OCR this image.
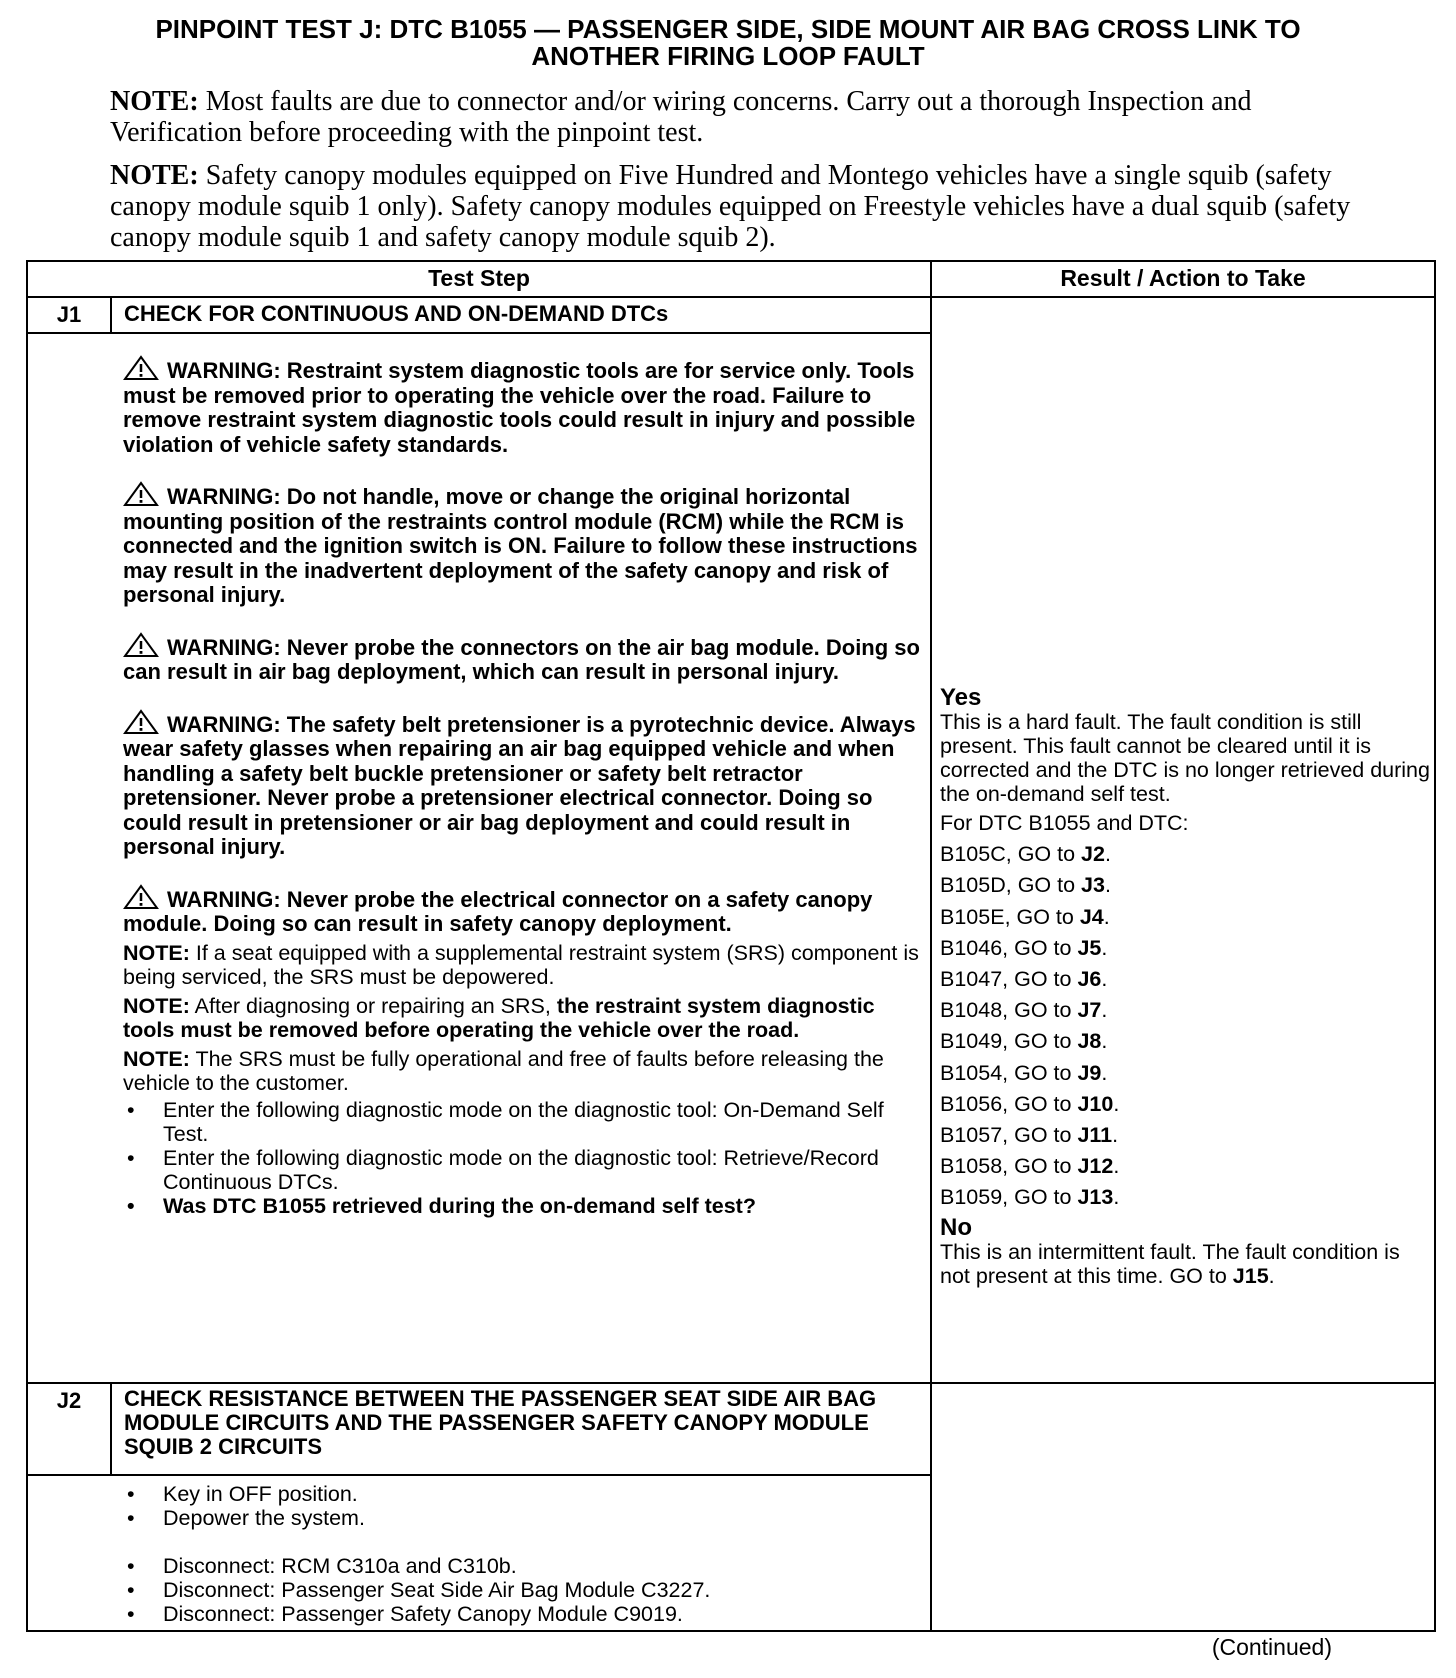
PINPOINT TEST J: DTC B1055 — PASSENGER SIDE, SIDE MOUNT AIR BAG CROSS LINK TO
ANOTHER FIRING LOOP FAULT
NOTE: Most faults are due to connector and/or wiring concerns. Carry out a thorough Inspection and Verification before proceeding with the pinpoint test.
NOTE: Safety canopy modules equipped on Five Hundred and Montego vehicles have a single squib (safety canopy module squib 1 only). Safety canopy modules equipped on Freestyle vehicles have a dual squib (safety canopy module squib 1 and safety canopy module squib 2).
Test Step	Result / Action to Take
J1	CHECK FOR CONTINUOUS AND ON-DEMAND DTCs

WARNING: Restraint system diagnostic tools are for service only. Tools must be removed prior to operating the vehicle over the road. Failure to remove restraint system diagnostic tools could result in injury and possible violation of vehicle safety standards.

WARNING: Do not handle, move or change the original horizontal mounting position of the restraints control module (RCM) while the RCM is connected and the ignition switch is ON. Failure to follow these instructions may result in the inadvertent deployment of the safety canopy and risk of personal injury.

WARNING: Never probe the connectors on the air bag module. Doing so can result in air bag deployment, which can result in personal injury.

WARNING: The safety belt pretensioner is a pyrotechnic device. Always wear safety glasses when repairing an air bag equipped vehicle and when handling a safety belt buckle pretensioner or safety belt retractor pretensioner. Never probe a pretensioner electrical connector. Doing so could result in pretensioner or air bag deployment and could result in personal injury.

WARNING: Never probe the electrical connector on a safety canopy module. Doing so can result in safety canopy deployment.

NOTE: If a seat equipped with a supplemental restraint system (SRS) component is being serviced, the SRS must be depowered.

NOTE: After diagnosing or repairing an SRS, the restraint system diagnostic tools must be removed before operating the vehicle over the road.

NOTE: The SRS must be fully operational and free of faults before releasing the vehicle to the customer.

•	Enter the following diagnostic mode on the diagnostic tool: On-Demand Self Test.
•	Enter the following diagnostic mode on the diagnostic tool: Retrieve/Record Continuous DTCs.
•	Was DTC B1055 retrieved during the on-demand self test?
Yes
This is a hard fault. The fault condition is still present. This fault cannot be cleared until it is corrected and the DTC is no longer retrieved during the on-demand self test.
For DTC B1055 and DTC:
B105C, GO to J2.
B105D, GO to J3.
B105E, GO to J4.
B1046, GO to J5.
B1047, GO to J6.
B1048, GO to J7.
B1049, GO to J8.
B1054, GO to J9.
B1056, GO to J10.
B1057, GO to J11.
B1058, GO to J12.
B1059, GO to J13.
No
This is an intermittent fault. The fault condition is not present at this time. GO to J15.
J2	CHECK RESISTANCE BETWEEN THE PASSENGER SEAT SIDE AIR BAG MODULE CIRCUITS AND THE PASSENGER SAFETY CANOPY MODULE SQUIB 2 CIRCUITS
•	Key in OFF position.
•	Depower the system.
•	Disconnect: RCM C310a and C310b.
•	Disconnect: Passenger Seat Side Air Bag Module C3227.
•	Disconnect: Passenger Safety Canopy Module C9019.
(Continued)
